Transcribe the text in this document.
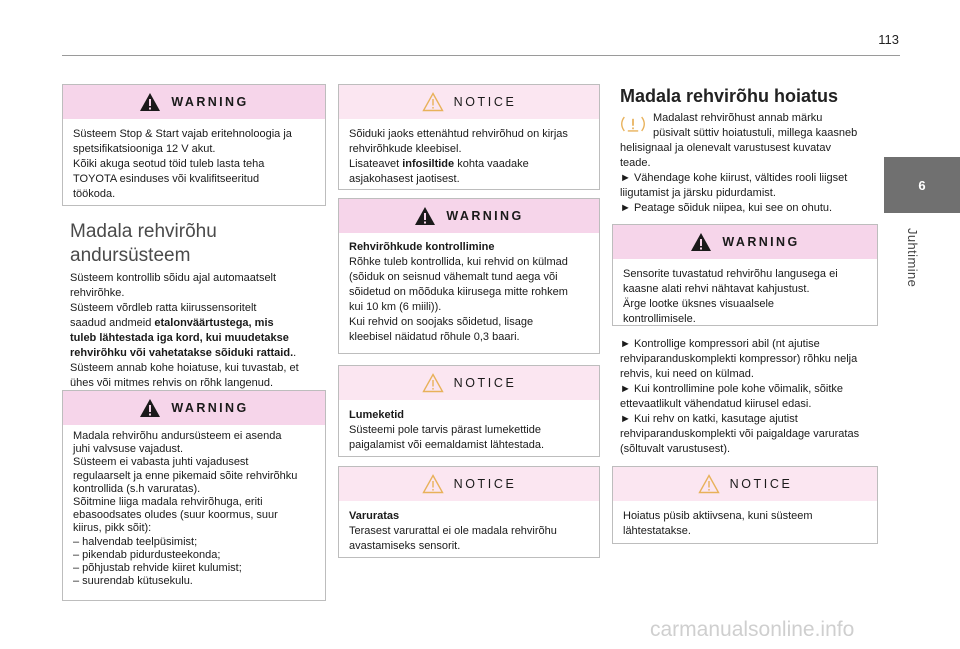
113
6
Juhtimine
WARNING
Süsteem Stop & Start vajab eritehnoloogia ja
spetsifikatsiooniga 12 V akut.
Kõiki akuga seotud töid tuleb lasta teha
TOYOTA esinduses või kvalifitseeritud
töökoda.
Madala rehvirõhu
andursüsteem
Süsteem kontrollib sõidu ajal automaatselt
rehvirõhke.
Süsteem võrdleb ratta kiirussensoritelt
saadud andmeid etalonväärtustega, mis
tuleb lähtestada iga kord, kui muudetakse
rehvirõhku või vahetatakse sõiduki rattaid..
Süsteem annab kohe hoiatuse, kui tuvastab, et
ühes või mitmes rehvis on rõhk langenud.
WARNING
Madala rehvirõhu andursüsteem ei asenda
juhi valvsuse vajadust.
Süsteem ei vabasta juhti vajadusest
regulaarselt ja enne pikemaid sõite rehvirõhku
kontrollida (s.h varuratas).
Sõitmine liiga madala rehvirõhuga, eriti
ebasoodsates oludes (suur koormus, suur
kiirus, pikk sõit):
– halvendab teelpüsimist;
– pikendab pidurdusteekonda;
– põhjustab rehvide kiiret kulumist;
– suurendab kütusekulu.
NOTICE
Sõiduki jaoks ettenähtud rehvirõhud on kirjas
rehvirõhkude kleebisel.
Lisateavet infosiltide kohta vaadake
asjakohasest jaotisest.
WARNING
Rehvirõhkude kontrollimine
Rõhke tuleb kontrollida, kui rehvid on külmad
(sõiduk on seisnud vähemalt tund aega või
sõidetud on mõõduka kiirusega mitte rohkem
kui 10 km (6 miili)).
Kui rehvid on soojaks sõidetud, lisage
kleebisel näidatud rõhule 0,3 baari.
NOTICE
Lumeketid
Süsteemi pole tarvis pärast lumekettide
paigalamist või eemaldamist lähtestada.
NOTICE
Varuratas
Terasest varurattal ei ole madala rehvirõhu
avastamiseks sensorit.
Madala rehvirõhu hoiatus
Madalast rehvirõhust annab märku
püsivalt süttiv hoiatustuli, millega kaasneb
helisignaal ja olenevalt varustusest kuvatav
teade.
► Vähendage kohe kiirust, vältides rooli liigset
liigutamist ja järsku pidurdamist.
► Peatage sõiduk niipea, kui see on ohutu.
WARNING
Sensorite tuvastatud rehvirõhu langusega ei
kaasne alati rehvi nähtavat kahjustust.
Ärge lootke üksnes visuaalsele
kontrollimisele.
► Kontrollige kompressori abil (nt ajutise
rehviparanduskomplekti kompressor) rõhku nelja
rehvis, kui need on külmad.
► Kui kontrollimine pole kohe võimalik, sõitke
ettevaatlikult vähendatud kiirusel edasi.
► Kui rehv on katki, kasutage ajutist
rehviparanduskomplekti või paigaldage varuratas
(sõltuvalt varustusest).
NOTICE
Hoiatus püsib aktiivsena, kuni süsteem
lähtestatakse.
carmanualsonline.info
